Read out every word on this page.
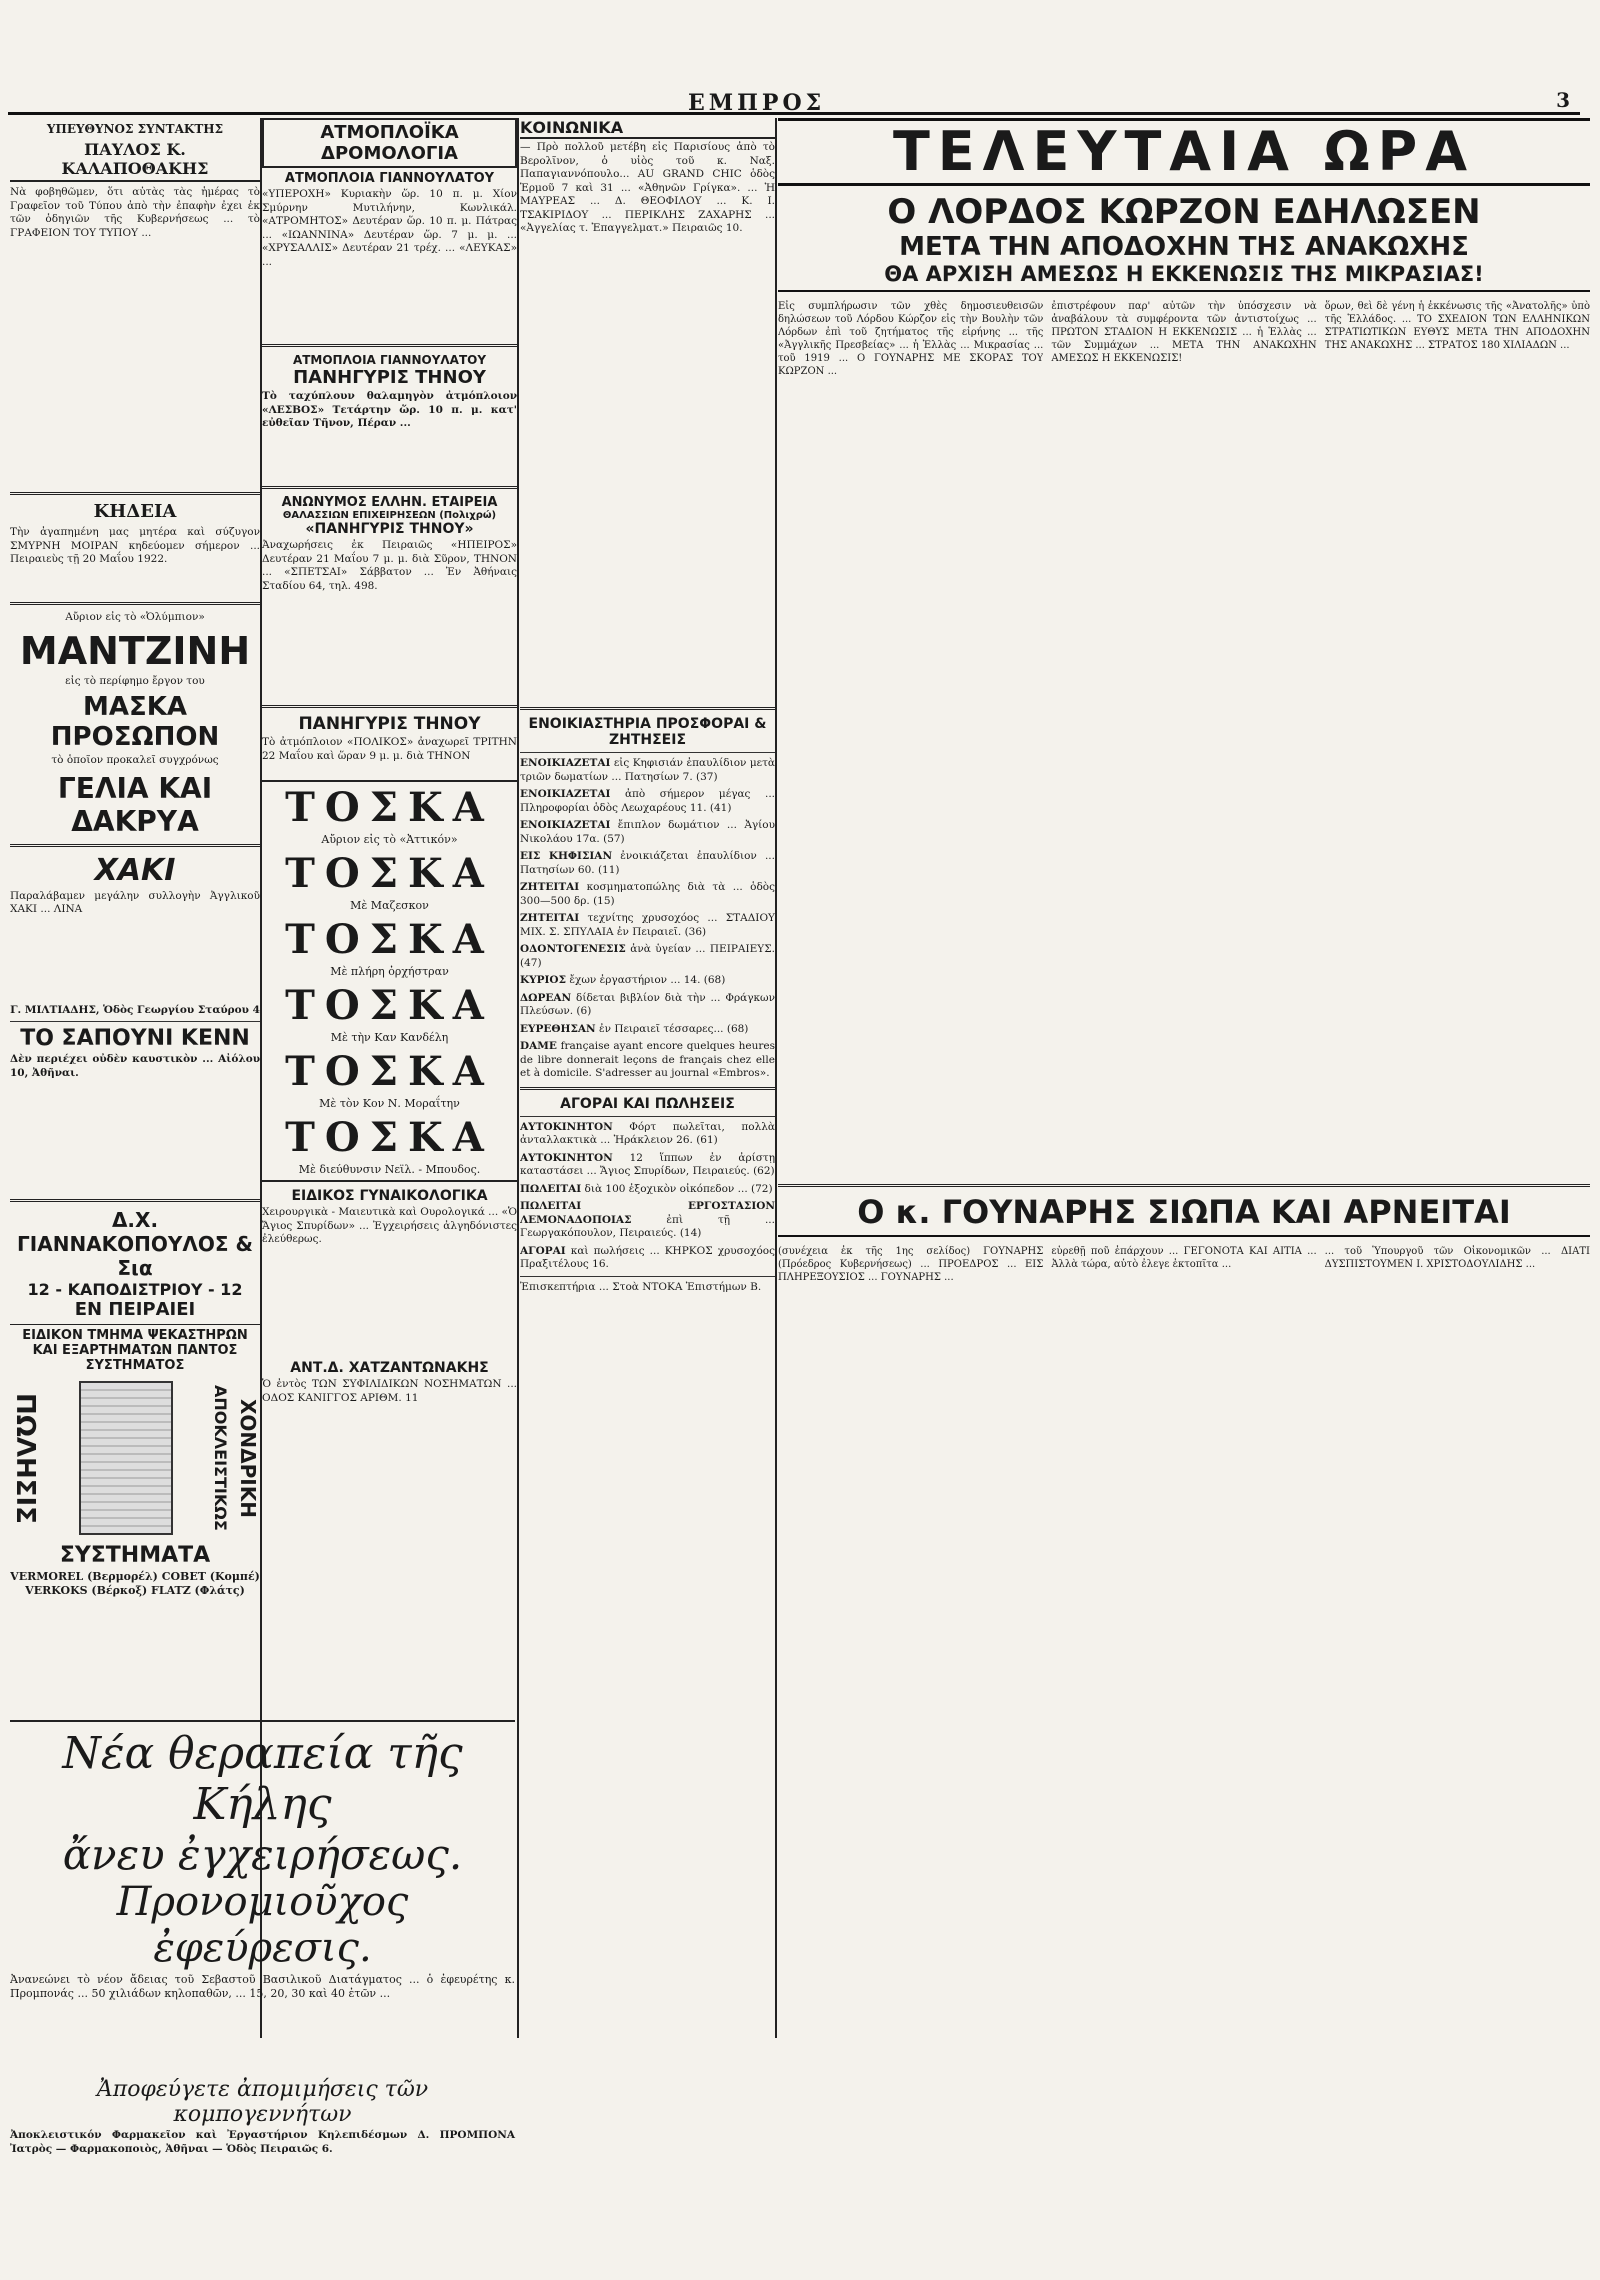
ΕΜΠΡΟΣ	3
ΥΠΕΥΘΥΝΟΣ ΣΥΝΤΑΚΤΗΣ
ΠΑΥΛΟΣ Κ. ΚΑΛΑΠΟΘΑΚΗΣ

Νὰ φοβηθῶμεν, ὅτι αὐτὰς τὰς ἡμέρας τὸ Γραφεῖον τοῦ Τύπου ἀπὸ τὴν ἐπαφὴν ἐχει ἐκ τῶν ὁδηγιῶν τῆς Κυβερνήσεως ... τὸ ΓΡΑΦΕΙΟΝ ΤΟΥ ΤΥΠΟΥ ...

ΚΗΔΕΙΑ

Τὴν ἀγαπημένη μας μητέρα καὶ σύζυγον ΣΜΥΡΝΗ ΜΟΙΡΑΝ κηδεύομεν σήμερον ... Πειραιεὺς τῇ 20 Μαΐου 1922.

Αὔριον εἰς τὸ «Ὀλύμπιον»

ΜΑΝΤΖΙΝΗ

εἰς τὸ περίφημο ἔργον του

ΜΑΣΚΑ
ΠΡΟΣΩΠΟΝ

τὸ ὁποῖον προκαλεῖ συγχρόνως

ΓΕΛΙΑ ΚΑΙ ΔΑΚΡΥΑ
ΧΑΚΙ

Παραλάβαμεν μεγάλην συλλογὴν Ἀγγλικοῦ ΧΑΚΙ ... ΛΙΝΑ

Γ. ΜΙΛΤΙΑΔΗΣ, Ὁδὸς Γεωργίου Σταύρου 4

ΤΟ ΣΑΠΟΥΝΙ ΚΕΝΝ

Δὲν περιέχει οὐδὲν καυστικὸν ... Αἰόλου 10, Ἀθῆναι.

Δ.Χ. ΓΙΑΝΝΑΚΟΠΟΥΛΟΣ & Σια
12 - ΚΑΠΟΔΙΣΤΡΙΟΥ - 12
ΕΝ ΠΕΙΡΑΙΕΙ
ΕΙΔΙΚΟΝ ΤΜΗΜΑ ΨΕΚΑΣΤΗΡΩΝ ΚΑΙ ΕΞΑΡΤΗΜΑΤΩΝ ΠΑΝΤΟΣ ΣΥΣΤΗΜΑΤΟΣ
ΠΩΛΗΣΙΣ	ΑΠΟΚΛΕΙΣΤΙΚΩΣ ΧΟΝΔΡΙΚΗ
ΣΥΣΤΗΜΑΤΑ

VERMOREL (Βερμορέλ) COBET (Κομπέ) VERKOKS (Βέρκοξ) FLATZ (Φλάτς)

ΑΤΜΟΠΛΟΪΚΑ ΔΡΟΜΟΛΟΓΙΑ
ΑΤΜΟΠΛΟΙΑ ΓΙΑΝΝΟΥΛΑΤΟΥ

«ΥΠΕΡΟΧΗ» Κυριακὴν ὥρ. 10 π. μ. Χίον Σμύρνην Μυτιλήνην, Κωνλικάλ. «ΑΤΡΟΜΗΤΟΣ» Δευτέραν ὥρ. 10 π. μ. Πάτρας ... «ΙΩΑΝΝΙΝΑ» Δευτέραν ὥρ. 7 μ. μ. ... «ΧΡΥΣΑΛΛΙΣ» Δευτέραν 21 τρέχ. ... «ΛΕΥΚΑΣ» ...

ΑΤΜΟΠΛΟΙΑ ΓΙΑΝΝΟΥΛΑΤΟΥ
ΠΑΝΗΓΥΡΙΣ ΤΗΝΟΥ

Τὸ ταχύπλουν θαλαμηγὸν ἀτμόπλοιον «ΛΕΣΒΟΣ» Τετάρτην ὥρ. 10 π. μ. κατ' εὐθεῖαν Τῆνον, Πέραν ...

ΑΝΩΝΥΜΟΣ ΕΛΛΗΝ. ΕΤΑΙΡΕΙΑ
ΘΑΛΑΣΣΙΩΝ ΕΠΙΧΕΙΡΗΣΕΩΝ (Πολιχρώ)
«ΠΑΝΗΓΥΡΙΣ ΤΗΝΟΥ»

Ἀναχωρήσεις ἐκ Πειραιῶς «ΗΠΕΙΡΟΣ» Δευτέραν 21 Μαΐου 7 μ. μ. διὰ Σῦρον, ΤΗΝΟΝ ... «ΣΠΕΤΣΑΙ» Σάββατον ... Ἐν Ἀθήναις Σταδίου 64, τηλ. 498.

ΠΑΝΗΓΥΡΙΣ ΤΗΝΟΥ

Τὸ ἀτμόπλοιον «ΠΟΛΙΚΟΣ» ἀναχωρεῖ ΤΡΙΤΗΝ 22 Μαΐου καὶ ὥραν 9 μ. μ. διὰ ΤΗΝΟΝ

ΤΟΣΚΑ
Αὔριον εἰς τὸ «Ἀττικόν»
ΤΟΣΚΑ
Μὲ Μαζεσκον
ΤΟΣΚΑ
Μὲ πλήρη ὀρχήστραν
ΤΟΣΚΑ
Μὲ τὴν Καν Κανδέλη
ΤΟΣΚΑ
Μὲ τὸν Κον Ν. Μοραΐτην
ΤΟΣΚΑ
Μὲ διεύθυνσιν Νεϊλ. - Μπουδος.
ΕΙΔΙΚΟΣ ΓΥΝΑΙΚΟΛΟΓΙΚΑ

Χειρουργικὰ - Μαιευτικὰ καὶ Ουρολογικά ... «Ὁ Ἄγιος Σπυρίδων» ... Ἐγχειρήσεις ἀλγηδόνιστες ἐλεύθερως.

ΑΝΤ.Δ. ΧΑΤΖΑΝΤΩΝΑΚΗΣ

Ὁ ἐντὸς ΤΩΝ ΣΥΦΙΛΙΔΙΚΩΝ ΝΟΣΗΜΑΤΩΝ ... ΟΔΟΣ ΚΑΝΙΓΓΟΣ ΑΡΙΘΜ. 11

ΚΟΙΝΩΝΙΚΑ

— Πρὸ πολλοῦ μετέβη εἰς Παρισίους ἀπὸ τὸ Βερολῖνον, ὁ υἱὸς τοῦ κ. Ναξ. Παπαγιαννόπουλο... AU GRAND CHIC ὁδὸς Ἑρμοῦ 7 καὶ 31 ... «Ἀθηνῶν Γρίγκα». ... Ἡ ΜΑΥΡΕΑΣ ... Δ. ΘΕΟΦΙΛΟΥ ... Κ. Ι. ΤΣΑΚΙΡΙΔΟΥ ... ΠΕΡΙΚΛΗΣ ΖΑΧΑΡΗΣ ... «Ἀγγελίας τ. Ἐπαγγελματ.» Πειραιῶς 10.

ΕΝΟΙΚΙΑΣΤΗΡΙΑ ΠΡΟΣΦΟΡΑΙ & ΖΗΤΗΣΕΙΣ

ΕΝΟΙΚΙΑΖΕΤΑΙ εἰς Κηφισιάν ἐπαυλίδιον μετὰ τριῶν δωματίων ... Πατησίων 7. (37)

ΕΝΟΙΚΙΑΖΕΤΑΙ ἀπὸ σήμερον μέγας ... Πληροφορίαι ὁδὸς Λεωχαρέους 11. (41)

ΕΝΟΙΚΙΑΖΕΤΑΙ ἔπιπλον δωμάτιον ... Ἀγίου Νικολάου 17α. (57)

ΕΙΣ ΚΗΦΙΣΙΑΝ ἐνοικιάζεται ἐπαυλίδιον ... Πατησίων 60. (11)

ΖΗΤΕΙΤΑΙ κοσμηματοπώλης διὰ τὰ ... ὁδὸς 300—500 δρ. (15)

ΖΗΤΕΙΤΑΙ τεχνίτης χρυσοχόος ... ΣΤΑΔΙΟΥ ΜΙΧ. Σ. ΣΠΥΛΑΙΑ ἐν Πειραιεῖ. (36)

ΟΔΟΝΤΟΓΕΝΕΣΙΣ ἀνὰ ὑγείαν ... ΠΕΙΡΑΙΕΥΣ. (47)

ΚΥΡΙΟΣ ἔχων ἐργαστήριον ... 14. (68)

ΔΩΡΕΑΝ δίδεται βιβλίον διὰ τὴν ... Φράγκων Πλεύσων. (6)

ΕΥΡΕΘΗΣΑΝ ἐν Πειραιεῖ τέσσαρες... (68)

DAME française ayant encore quelques heures de libre donnerait leçons de français chez elle et à domicile. S'adresser au journal «Embros».

ΑΓΟΡΑΙ ΚΑΙ ΠΩΛΗΣΕΙΣ

ΑΥΤΟΚΙΝΗΤΟΝ Φόρτ πωλεῖται, πολλὰ ἀνταλλακτικὰ ... Ἠράκλειον 26. (61)

ΑΥΤΟΚΙΝΗΤΟΝ 12 ἵππων ἐν ἀρίστῃ καταστάσει ... Ἄγιος Σπυρίδων, Πειραιεύς. (62)

ΠΩΛΕΙΤΑΙ διὰ 100 ἐξοχικὸν οἰκόπεδον ... (72)

ΠΩΛΕΙΤΑΙ ΕΡΓΟΣΤΑΣΙΟΝ ΛΕΜΟΝΑΔΟΠΟΙΑΣ	ἐπὶ τῇ ... Γεωργακόπουλον, Πειραιεύς. (14)

ΑΓΟΡΑΙ καὶ πωλήσεις ... ΚΗΡΚΟΣ χρυσοχόος Πραξιτέλους 16.

Ἐπισκεπτήρια ... Στοὰ ΝΤΟΚΑ Ἐπιστήμων Β.

ΤΕΛΕΥΤΑΙΑ ΩΡΑ
Ο ΛΟΡΔΟΣ ΚΩΡΖΟΝ ΕΔΗΛΩΣΕΝ
ΜΕΤΑ ΤΗΝ ΑΠΟΔΟΧΗΝ ΤΗΣ ΑΝΑΚΩΧΗΣ
ΘΑ ΑΡΧΙΣΗ ΑΜΕΣΩΣ Η ΕΚΚΕΝΩΣΙΣ ΤΗΣ ΜΙΚΡΑΣΙΑΣ!

Εἰς συμπλήρωσιν τῶν χθὲς δημοσιευθεισῶν δηλώσεων τοῦ Λόρδου Κώρζον εἰς τὴν Βουλὴν τῶν Λόρδων ἐπὶ τοῦ ζητήματος τῆς εἰρήνης ... τῆς «Ἀγγλικῆς Πρεσβείας» ... ἡ Ἑλλὰς ... Μικρασίας ... τοῦ 1919 ... Ο ΓΟΥΝΑΡΗΣ ΜΕ ΣΚΟΡΑΣ ΤΟΥ ΚΩΡΖΟΝ ...

ἐπιστρέφουν παρ' αὐτῶν τὴν ὑπόσχεσιν νὰ ἀναβάλουν τὰ συμφέροντα τῶν ἀντιστοίχως ... ΠΡΩΤΟΝ ΣΤΑΔΙΟΝ Η ΕΚΚΕΝΩΣΙΣ ... ἡ Ἑλλὰς ... τῶν Συμμάχων ... ΜΕΤΑ ΤΗΝ ΑΝΑΚΩΧΗΝ ΑΜΕΣΩΣ Η ΕΚΚΕΝΩΣΙΣ!

ὅρων, θεὶ δὲ γένη ἡ ἐκκένωσις τῆς «Ἀνατολῆς» ὑπὸ τῆς Ἑλλάδος. ... ΤΟ ΣΧΕΔΙΟΝ ΤΩΝ ΕΛΛΗΝΙΚΩΝ ΣΤΡΑΤΙΩΤΙΚΩΝ ΕΥΘΥΣ ΜΕΤΑ ΤΗΝ ΑΠΟΔΟΧΗΝ ΤΗΣ ΑΝΑΚΩΧΗΣ ... ΣΤΡΑΤΟΣ 180 ΧΙΛΙΑΔΩΝ ...

Ο κ. ΓΟΥΝΑΡΗΣ ΣΙΩΠΑ ΚΑΙ ΑΡΝΕΙΤΑΙ

(συνέχεια ἐκ τῆς 1ης σελίδος) ΓΟΥΝΑΡΗΣ (Πρόεδρος Κυβερνήσεως) ... ΠΡΟΕΔΡΟΣ ... ΕΙΣ ΠΛΗΡΕΞΟΥΣΙΟΣ ... ΓΟΥΝΑΡΗΣ ...

εὑρεθῇ ποῦ ἐπάρχουν ... ΓΕΓΟΝΟΤΑ ΚΑΙ ΑΙΤΙΑ ... Ἀλλὰ τώρα, αὐτὸ ἐλεγε ἐκτοπῖτα ...

... τοῦ Ὑπουργοῦ τῶν Οἰκονομικῶν ... ΔΙΑΤΙ ΔΥΣΠΙΣΤΟΥΜΕΝ Ι. ΧΡΙΣΤΟΔΟΥΛΙΔΗΣ ...

Νέα θεραπεία τῆς Κήλης
ἄνευ ἐγχειρήσεως.
Προνομιοῦχος ἐφεύρεσις.

Ἀνανεώνει τὸ νέον ἄδειας τοῦ Σεβαστοῦ Βασιλικοῦ Διατάγματος ... ὁ ἐφευρέτης κ. Προμπονάς ... 50 χιλιάδων κηλοπαθῶν, ... 15, 20, 30 καὶ 40 ἐτῶν ...

Ἀποφεύγετε ἀπομιμήσεις τῶν κομπογεννήτων

Ἀποκλειστικόν Φαρμακεῖον καὶ Ἐργαστήριον Κηλεπιδέσμων Δ. ΠΡΟΜΠΟΝΑ Ἰατρὸς — Φαρμακοποιὸς, Ἀθῆναι — Ὁδὸς Πειραιῶς 6.
